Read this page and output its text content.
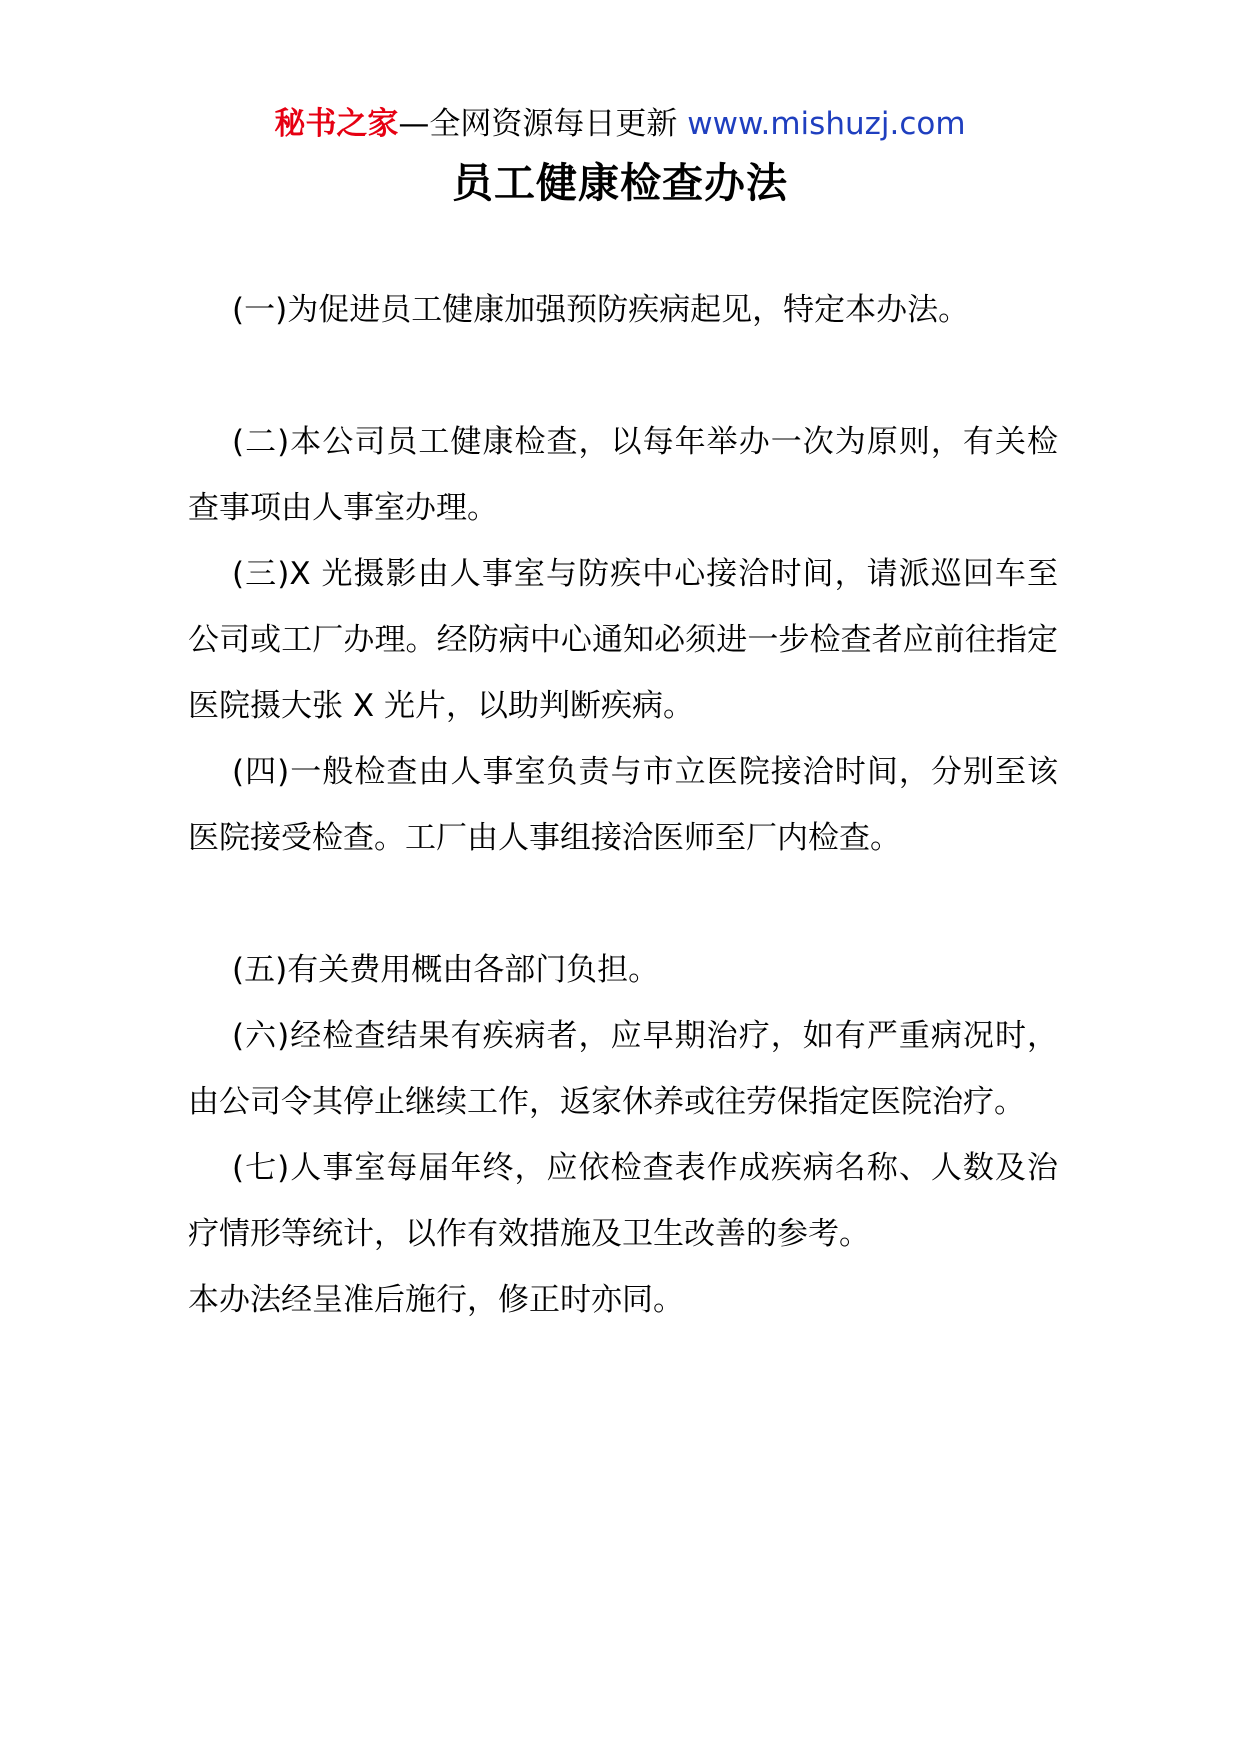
秘书之家—全网资源每日更新 www.mishuzj.com
员工健康检查办法

(一)为促进员工健康加强预防疾病起见，特定本办法。

(二)本公司员工健康检查，以每年举办一次为原则，有关检查事项由人事室办理。

(三)X 光摄影由人事室与防疾中心接洽时间，请派巡回车至公司或工厂办理。经防病中心通知必须进一步检查者应前往指定医院摄大张 X 光片，以助判断疾病。

(四)一般检查由人事室负责与市立医院接洽时间，分别至该医院接受检查。工厂由人事组接洽医师至厂内检查。

(五)有关费用概由各部门负担。

(六)经检查结果有疾病者，应早期治疗，如有严重病况时，由公司令其停止继续工作，返家休养或往劳保指定医院治疗。

(七)人事室每届年终，应依检查表作成疾病名称、人数及治疗情形等统计，以作有效措施及卫生改善的参考。

本办法经呈准后施行，修正时亦同。
